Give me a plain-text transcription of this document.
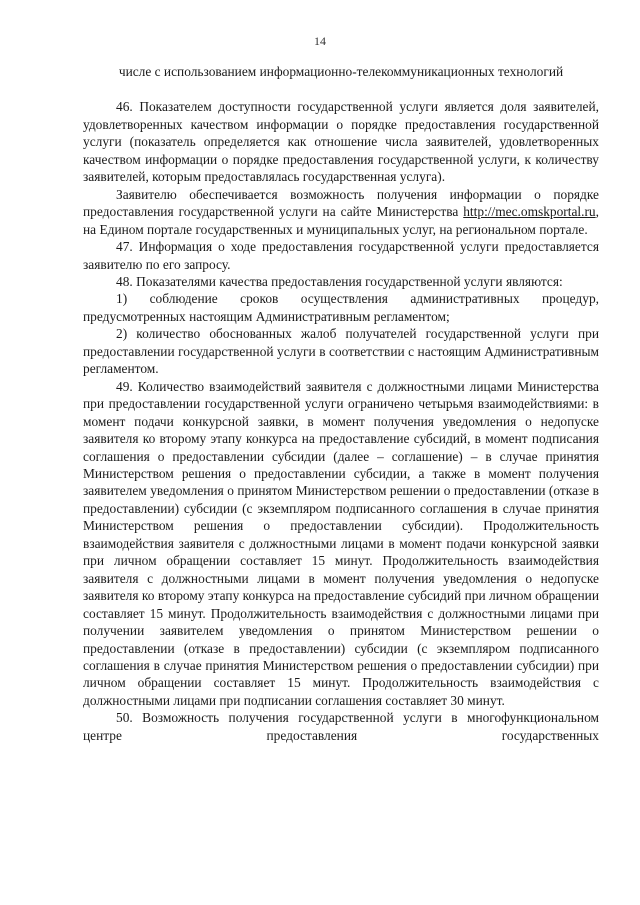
14

числе с использованием информационно-телекоммуникационных технологий

46. Показателем доступности государственной услуги является доля заявителей, удовлетворенных качеством информации о порядке предоставления государственной услуги (показатель определяется как отношение числа заявителей, удовлетворенных качеством информации о порядке предоставления государственной услуги, к количеству заявителей, которым предоставлялась государственная услуга).

Заявителю обеспечивается возможность получения информации о порядке предоставления государственной услуги на сайте Министерства http://mec.omskportal.ru, на Едином портале государственных и муниципальных услуг, на региональном портале.

47. Информация о ходе предоставления государственной услуги предоставляется заявителю по его запросу.

48. Показателями качества предоставления государственной услуги являются:

1) соблюдение сроков осуществления административных процедур, предусмотренных настоящим Административным регламентом;

2) количество обоснованных жалоб получателей государственной услуги при предоставлении государственной услуги в соответствии с настоящим Административным регламентом.

49. Количество взаимодействий заявителя с должностными лицами Министерства при предоставлении государственной услуги ограничено четырьмя взаимодействиями: в момент подачи конкурсной заявки, в момент получения уведомления о недопуске заявителя ко второму этапу конкурса на предоставление субсидий, в момент подписания соглашения о предоставлении субсидии (далее – соглашение) – в случае принятия Министерством решения о предоставлении субсидии, а также в момент получения заявителем уведомления о принятом Министерством решении о предоставлении (отказе в предоставлении) субсидии (с экземпляром подписанного соглашения в случае принятия Министерством решения о предоставлении субсидии). Продолжительность взаимодействия заявителя с должностными лицами в момент подачи конкурсной заявки при личном обращении составляет 15 минут. Продолжительность взаимодействия заявителя с должностными лицами в момент получения уведомления о недопуске заявителя ко второму этапу конкурса на предоставление субсидий при личном обращении составляет 15 минут. Продолжительность взаимодействия с должностными лицами при получении заявителем уведомления о принятом Министерством решении о предоставлении (отказе в предоставлении) субсидии (с экземпляром подписанного соглашения в случае принятия Министерством решения о предоставлении субсидии) при личном обращении составляет 15 минут. Продолжительность взаимодействия с должностными лицами при подписании соглашения составляет 30 минут.

50. Возможность получения государственной услуги в многофункциональном центре предоставления государственных
